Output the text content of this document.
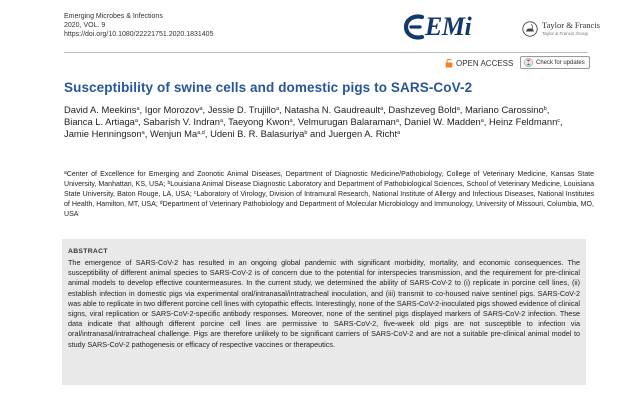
Emerging Microbes & Infections
2020, VOL. 9
https://doi.org/10.1080/22221751.2020.1831405	EMi	Taylor & Francis
Taylor & Francis Group
OPEN ACCESS	Check for updates
Susceptibility of swine cells and domestic pigs to SARS-CoV-2
David A. Meekins$^a$, Igor Morozov$^a$, Jessie D. Trujillo$^a$, Natasha N. Gaudreault$^a$, Dashzeveg Bold$^a$, Mariano Carossino$^b$, Bianca L. Artiaga$^a$, Sabarish V. Indran$^a$, Taeyong Kwon$^a$, Velmurugan Balaraman$^a$, Daniel W. Madden$^a$, Heinz Feldmann$^c$, Jamie Henningson$^a$, Wenjun Ma$^{a,d}$, Udeni B. R. Balasuriya$^b$ and Juergen A. Richt$^a$
$^a$Center of Excellence for Emerging and Zoonotic Animal Diseases, Department of Diagnostic Medicine/Pathobiology, College of Veterinary Medicine, Kansas State University, Manhattan, KS, USA; $^b$Louisiana Animal Disease Diagnostic Laboratory and Department of Pathobiological Sciences, School of Veterinary Medicine, Louisiana State University, Baton Rouge, LA, USA; $^c$Laboratory of Virology, Division of Intramural Research, National Institute of Allergy and Infectious Diseases, National Institutes of Health, Hamilton, MT, USA; $^d$Department of Veterinary Pathobiology and Department of Molecular Microbiology and Immunology, University of Missouri, Columbia, MO, USA

ABSTRACT

The emergence of SARS-CoV-2 has resulted in an ongoing global pandemic with significant morbidity, mortality, and economic consequences. The susceptibility of different animal species to SARS-CoV-2 is of concern due to the potential for interspecies transmission, and the requirement for pre-clinical animal models to develop effective countermeasures. In the current study, we determined the ability of SARS-CoV-2 to (i) replicate in porcine cell lines, (ii) establish infection in domestic pigs via experimental oral/intranasal/intratracheal inoculation, and (iii) transmit to co-housed naive sentinel pigs. SARS-CoV-2 was able to replicate in two different porcine cell lines with cytopathic effects. Interestingly, none of the SARS-CoV-2-inoculated pigs showed evidence of clinical signs, viral replication or SARS-CoV-2-specific antibody responses. Moreover, none of the sentinel pigs displayed markers of SARS-CoV-2 infection. These data indicate that although different porcine cell lines are permissive to SARS-CoV-2, five-week old pigs are not susceptible to infection via oral/intranasal/intratracheal challenge. Pigs are therefore unlikely to be significant carriers of SARS-CoV-2 and are not a suitable pre-clinical animal model to study SARS-CoV-2 pathogenesis or efficacy of respective vaccines or therapeutics.
